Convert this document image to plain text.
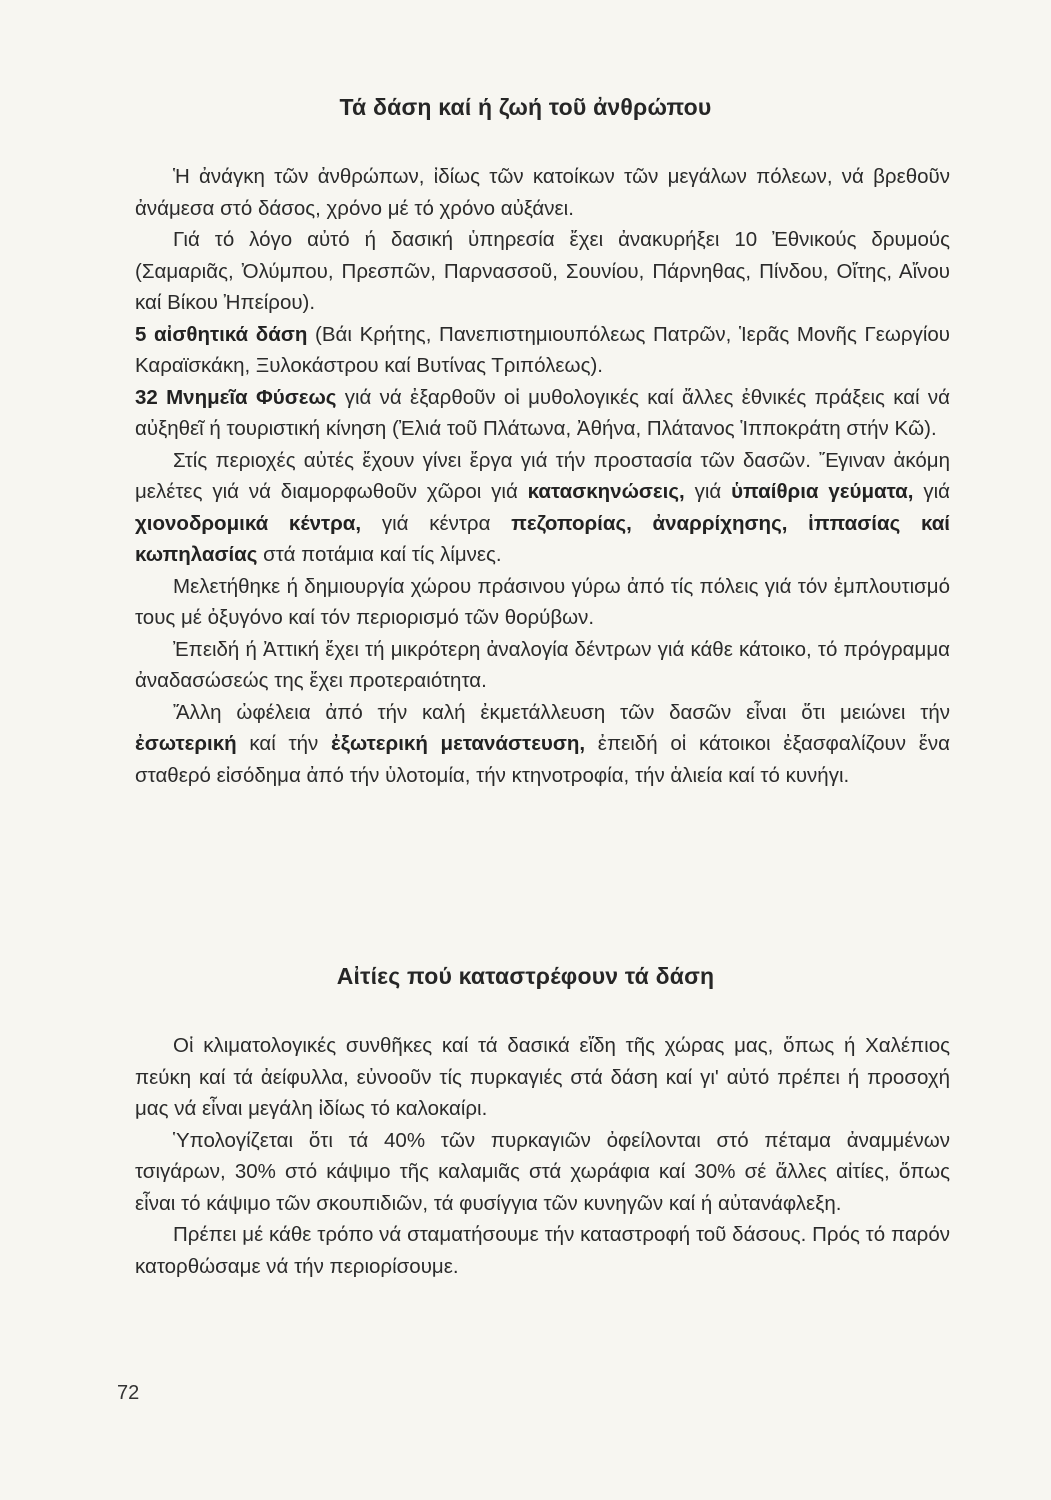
Τά δάση καί ή ζωή τοῦ ἀνθρώπου

Ἡ ἀνάγκη τῶν ἀνθρώπων, ἰδίως τῶν κατοίκων τῶν μεγάλων πόλεων, νά βρεθοῦν ἀνάμεσα στό δάσος, χρόνο μέ τό χρόνο αὐξάνει.

Γιά τό λόγο αὐτό ή δασική ὑπηρεσία ἔχει ἀνακυρήξει 10 Ἐθνικούς δρυμούς (Σαμαριᾶς, Ὀλύμπου, Πρεσπῶν, Παρνασσοῦ, Σουνίου, Πάρνηθας, Πίνδου, Οἴτης, Αἴνου καί Βίκου Ἠπείρου).

5 αἰσθητικά δάση (Βάι Κρήτης, Πανεπιστημιουπόλεως Πατρῶν, Ἱερᾶς Μονῆς Γεωργίου Καραϊσκάκη, Ξυλοκάστρου καί Βυτίνας Τριπόλεως).

32 Μνημεῖα Φύσεως γιά νά ἐξαρθοῦν οἱ μυθολογικές καί ἄλλες ἐθνικές πράξεις καί νά αὐξηθεῖ ή τουριστική κίνηση (Ἐλιά τοῦ Πλάτωνα, Ἀθήνα, Πλάτανος Ἱπποκράτη στήν Κῶ).

Στίς περιοχές αὐτές ἔχουν γίνει ἔργα γιά τήν προστασία τῶν δασῶν. Ἔγιναν ἀκόμη μελέτες γιά νά διαμορφωθοῦν χῶροι γιά κατασκηνώσεις, γιά ὑπαίθρια γεύματα, γιά χιονοδρομικά κέντρα, γιά κέντρα πεζοπορίας, ἀναρρίχησης, ἱππασίας καί κωπηλασίας στά ποτάμια καί τίς λίμνες.

Μελετήθηκε ή δημιουργία χώρου πράσινου γύρω ἀπό τίς πόλεις γιά τόν ἐμπλουτισμό τους μέ ὀξυγόνο καί τόν περιορισμό τῶν θορύβων.

Ἐπειδή ή Ἀττική ἔχει τή μικρότερη ἀναλογία δέντρων γιά κάθε κάτοικο, τό πρόγραμμα ἀναδασώσεώς της ἔχει προτεραιότητα.

Ἄλλη ὠφέλεια ἀπό τήν καλή ἐκμετάλλευση τῶν δασῶν εἶναι ὅτι μειώνει τήν ἐσωτερική καί τήν ἐξωτερική μετανάστευση, ἐπειδή οἱ κάτοικοι ἐξασφαλίζουν ἕνα σταθερό εἰσόδημα ἀπό τήν ὑλοτομία, τήν κτηνοτροφία, τήν ἁλιεία καί τό κυνήγι.

Αἰτίες πού καταστρέφουν τά δάση

Οἱ κλιματολογικές συνθῆκες καί τά δασικά εἴδη τῆς χώρας μας, ὅπως ή Χαλέπιος πεύκη καί τά ἀείφυλλα, εὐνοοῦν τίς πυρκαγιές στά δάση καί γι' αὐτό πρέπει ή προσοχή μας νά εἶναι μεγάλη ἰδίως τό καλοκαίρι.

Ὑπολογίζεται ὅτι τά 40% τῶν πυρκαγιῶν ὀφείλονται στό πέταμα ἀναμμένων τσιγάρων, 30% στό κάψιμο τῆς καλαμιᾶς στά χωράφια καί 30% σέ ἄλλες αἰτίες, ὅπως εἶναι τό κάψιμο τῶν σκουπιδιῶν, τά φυσίγγια τῶν κυνηγῶν καί ή αὐτανάφλεξη.

Πρέπει μέ κάθε τρόπο νά σταματήσουμε τήν καταστροφή τοῦ δάσους. Πρός τό παρόν κατορθώσαμε νά τήν περιορίσουμε.

72
